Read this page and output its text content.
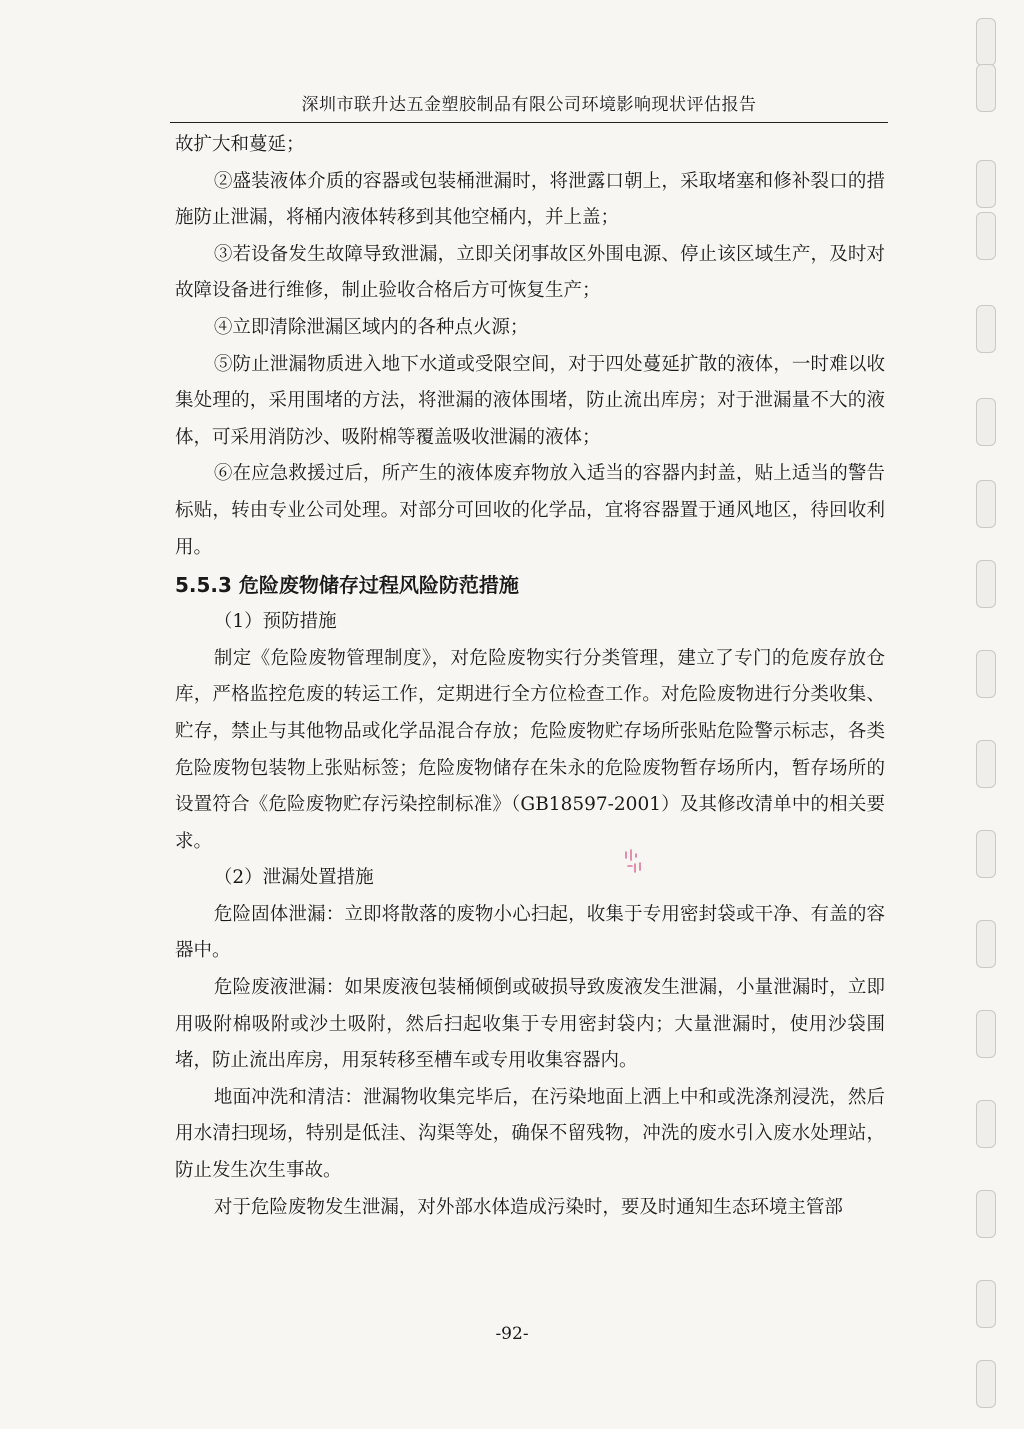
深圳市联升达五金塑胶制品有限公司环境影响现状评估报告

故扩大和蔓延；

②盛装液体介质的容器或包装桶泄漏时，将泄露口朝上，采取堵塞和修补裂口的措施防止泄漏，将桶内液体转移到其他空桶内，并上盖；

③若设备发生故障导致泄漏，立即关闭事故区外围电源、停止该区域生产，及时对故障设备进行维修，制止验收合格后方可恢复生产；

④立即清除泄漏区域内的各种点火源；

⑤防止泄漏物质进入地下水道或受限空间，对于四处蔓延扩散的液体，一时难以收集处理的，采用围堵的方法，将泄漏的液体围堵，防止流出库房；对于泄漏量不大的液体，可采用消防沙、吸附棉等覆盖吸收泄漏的液体；

⑥在应急救援过后，所产生的液体废弃物放入适当的容器内封盖，贴上适当的警告标贴，转由专业公司处理。对部分可回收的化学品，宜将容器置于通风地区，待回收利用。

5.5.3 危险废物储存过程风险防范措施

（1）预防措施

制定《危险废物管理制度》，对危险废物实行分类管理，建立了专门的危废存放仓库，严格监控危废的转运工作，定期进行全方位检查工作。对危险废物进行分类收集、贮存，禁止与其他物品或化学品混合存放；危险废物贮存场所张贴危险警示标志，各类危险废物包装物上张贴标签；危险废物储存在朱永的危险废物暂存场所内，暂存场所的设置符合《危险废物贮存污染控制标准》（GB18597-2001）及其修改清单中的相关要求。

（2）泄漏处置措施

危险固体泄漏：立即将散落的废物小心扫起，收集于专用密封袋或干净、有盖的容器中。

危险废液泄漏：如果废液包装桶倾倒或破损导致废液发生泄漏，小量泄漏时，立即用吸附棉吸附或沙土吸附，然后扫起收集于专用密封袋内；大量泄漏时，使用沙袋围堵，防止流出库房，用泵转移至槽车或专用收集容器内。

地面冲洗和清洁：泄漏物收集完毕后，在污染地面上洒上中和或洗涤剂浸洗，然后用水清扫现场，特别是低洼、沟渠等处，确保不留残物，冲洗的废水引入废水处理站，防止发生次生事故。

对于危险废物发生泄漏，对外部水体造成污染时，要及时通知生态环境主管部

-92-
